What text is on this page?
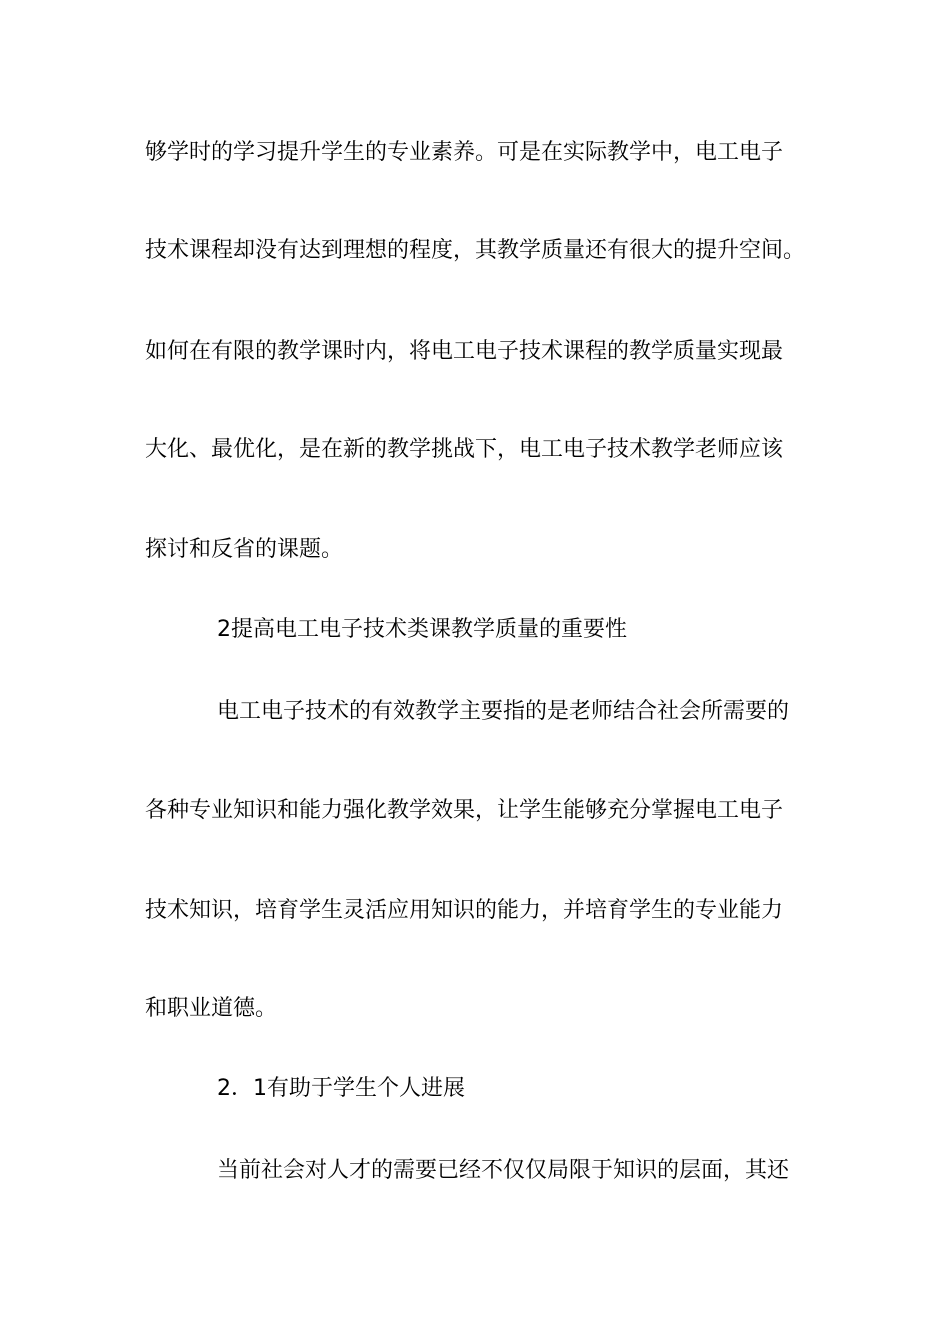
够学时的学习提升学生的专业素养。可是在实际教学中，电工电子
技术课程却没有达到理想的程度，其教学质量还有很大的提升空间。
如何在有限的教学课时内，将电工电子技术课程的教学质量实现最
大化、最优化，是在新的教学挑战下，电工电子技术教学老师应该
探讨和反省的课题。
2提高电工电子技术类课教学质量的重要性
电工电子技术的有效教学主要指的是老师结合社会所需要的
各种专业知识和能力强化教学效果，让学生能够充分掌握电工电子
技术知识，培育学生灵活应用知识的能力，并培育学生的专业能力
和职业道德。
2．1有助于学生个人进展
当前社会对人才的需要已经不仅仅局限于知识的层面，其还
